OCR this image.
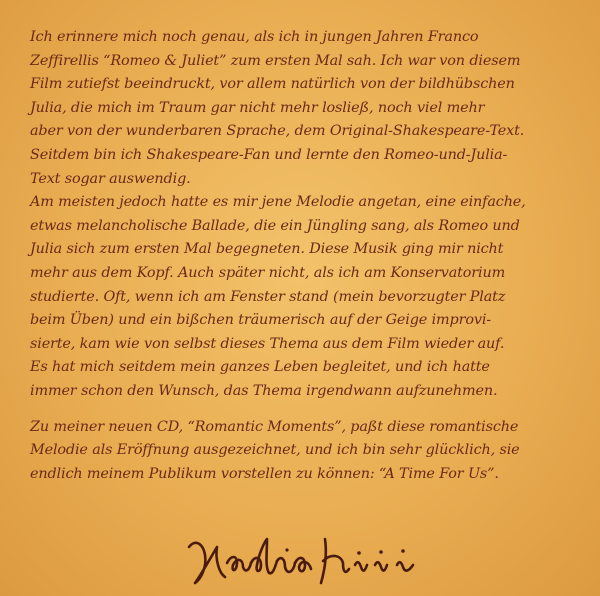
Ich erinnere mich noch genau, als ich in jungen Jahren Franco
Zeffirellis “Romeo & Juliet” zum ersten Mal sah. Ich war von diesem
Film zutiefst beeindruckt, vor allem natürlich von der bildhübschen
Julia, die mich im Traum gar nicht mehr losließ, noch viel mehr
aber von der wunderbaren Sprache, dem Original-Shakespeare-Text.
Seitdem bin ich Shakespeare-Fan und lernte den Romeo-und-Julia-
Text sogar auswendig.

Am meisten jedoch hatte es mir jene Melodie angetan, eine einfache,
etwas melancholische Ballade, die ein Jüngling sang, als Romeo und
Julia sich zum ersten Mal begegneten. Diese Musik ging mir nicht
mehr aus dem Kopf. Auch später nicht, als ich am Konservatorium
studierte. Oft, wenn ich am Fenster stand (mein bevorzugter Platz
beim Üben) und ein bißchen träumerisch auf der Geige improvi-
sierte, kam wie von selbst dieses Thema aus dem Film wieder auf.
Es hat mich seitdem mein ganzes Leben begleitet, und ich hatte
immer schon den Wunsch, das Thema irgendwann aufzunehmen.

Zu meiner neuen CD, “Romantic Moments”, paßt diese romantische
Melodie als Eröffnung ausgezeichnet, und ich bin sehr glücklich, sie
endlich meinem Publikum vorstellen zu können: “A Time For Us”.
